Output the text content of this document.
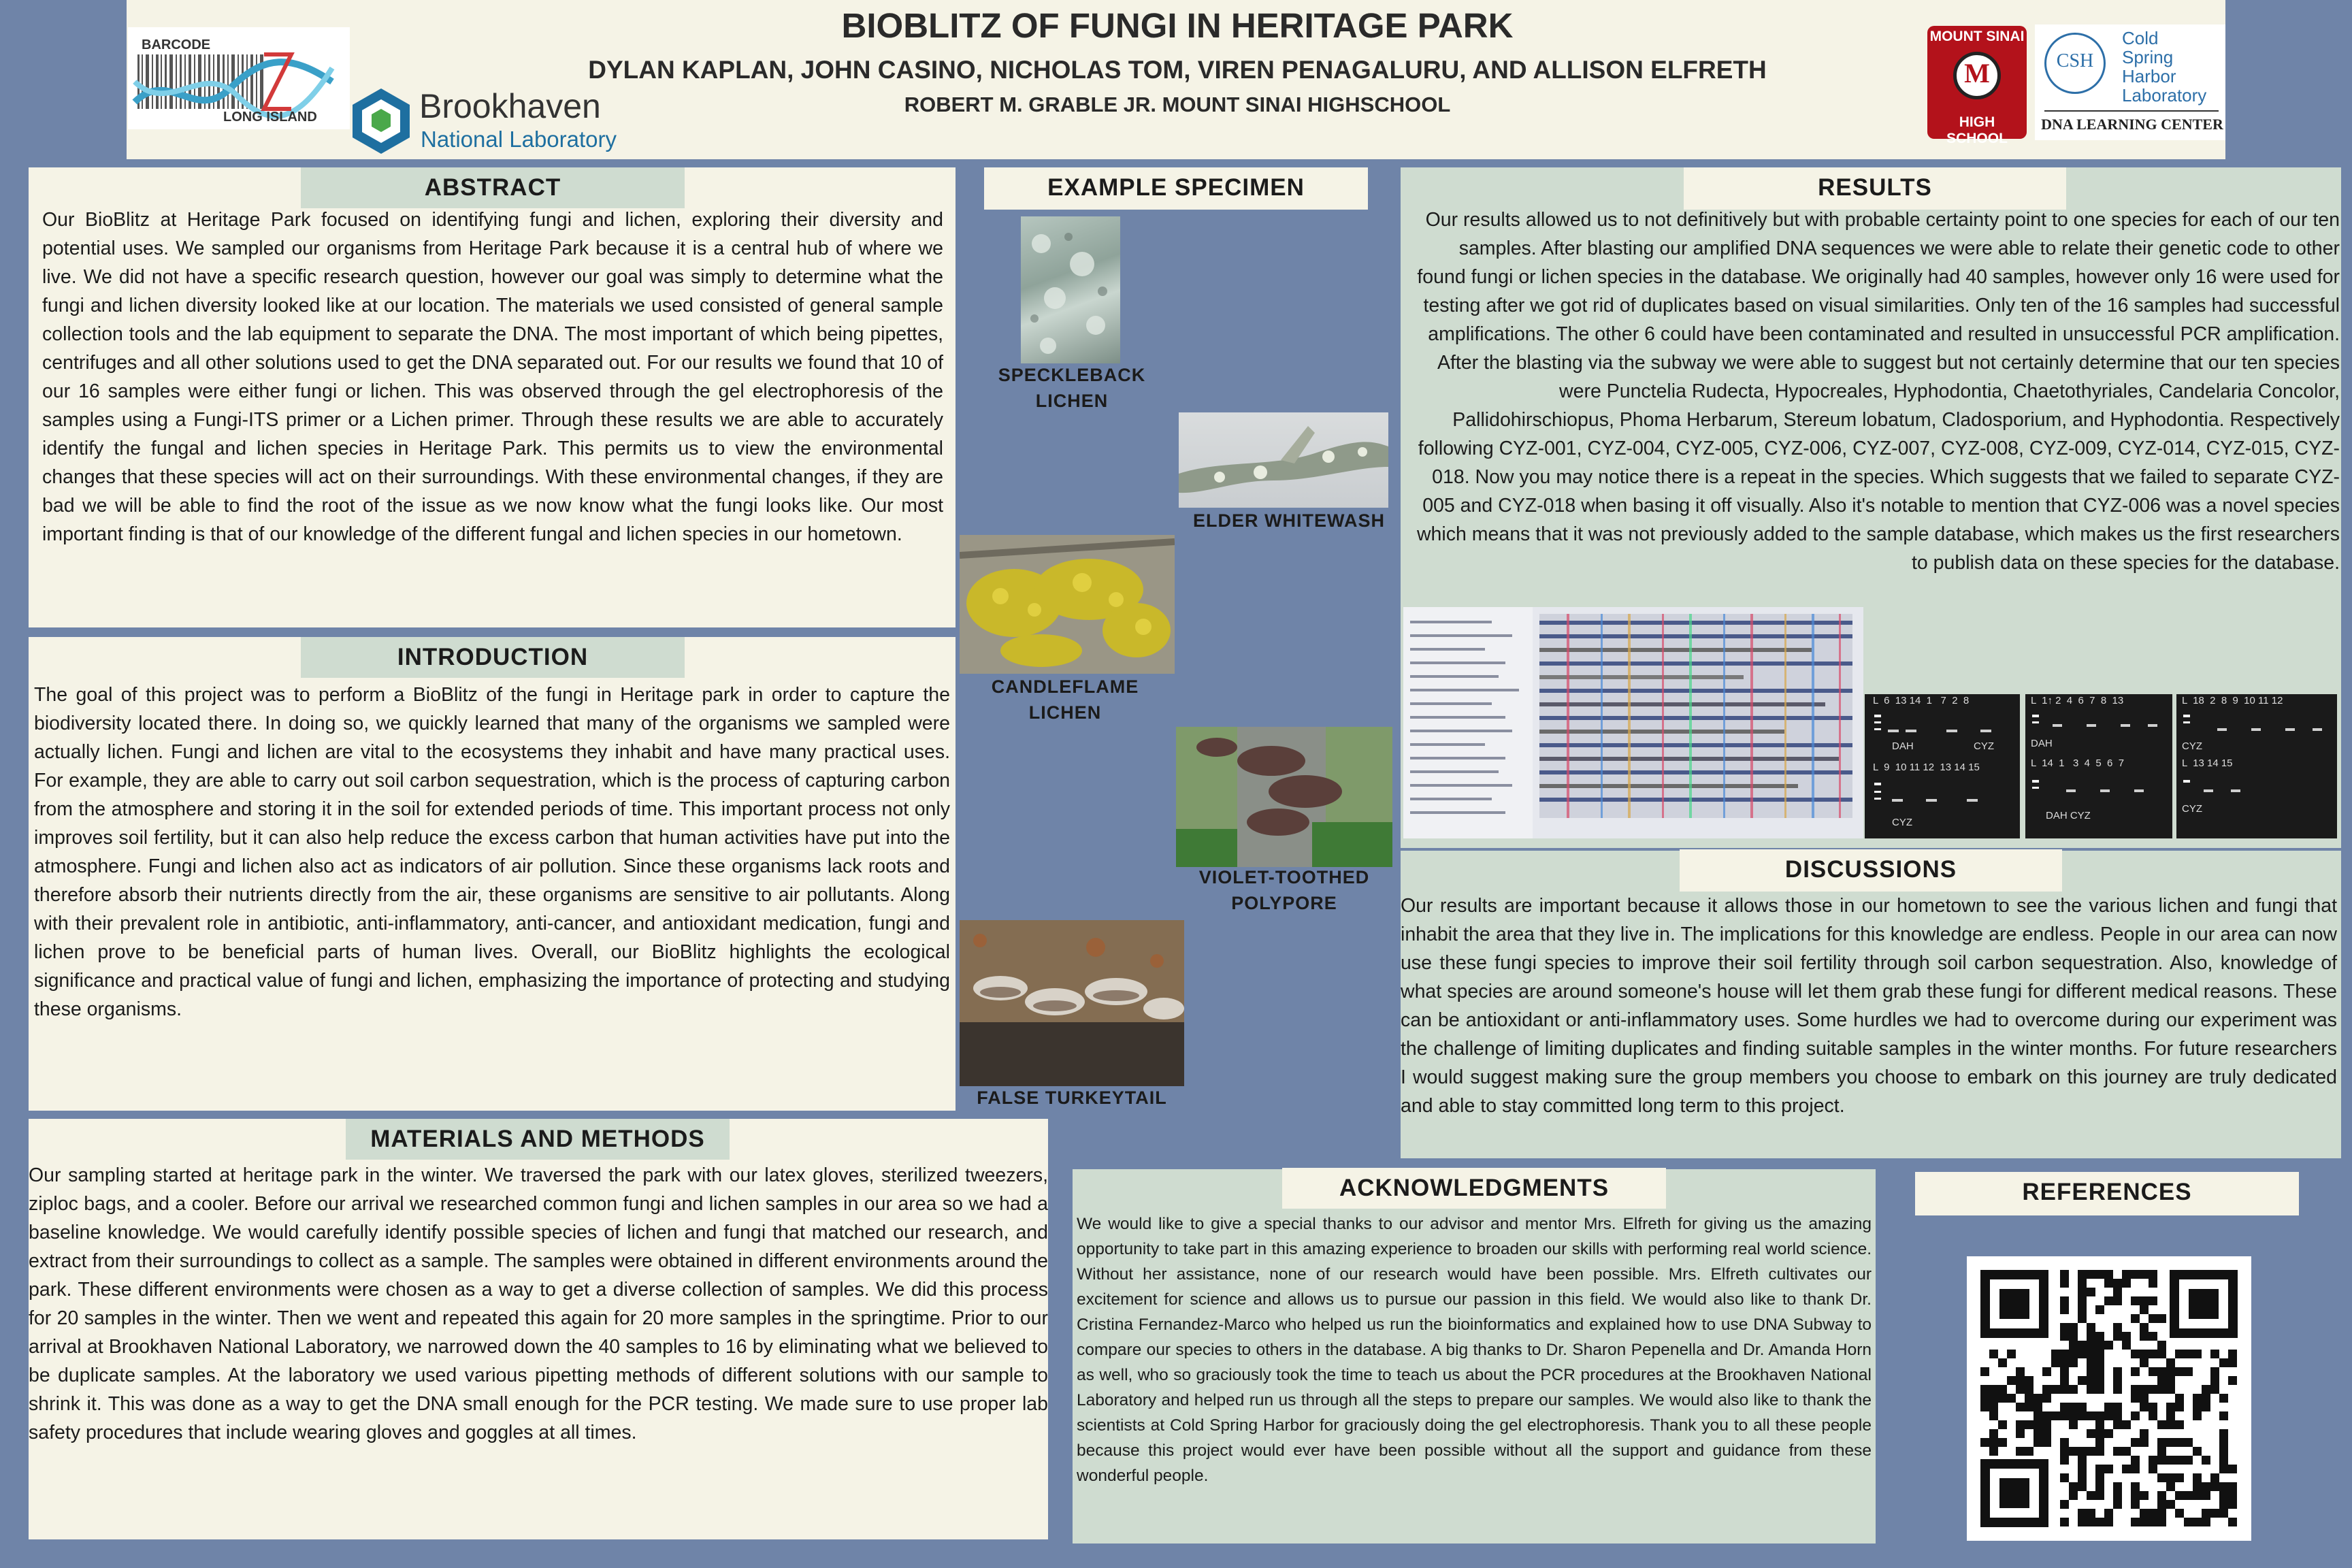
BIOBLITZ OF FUNGI IN HERITAGE PARK
DYLAN KAPLAN, JOHN CASINO, NICHOLAS TOM, VIREN PENAGALURU, AND ALLISON ELFRETH
ROBERT M. GRABLE JR. MOUNT SINAI HIGHSCHOOL
BARCODE
LONG ISLAND	Brookhaven
National Laboratory
MOUNT SINAI
M
HIGH SCHOOL
CSH
Cold
Spring
Harbor
Laboratory
DNA LEARNING CENTER
ABSTRACT
Our BioBlitz at Heritage Park focused on identifying fungi and lichen, exploring their diversity and potential uses. We sampled our organisms from Heritage Park because it is a central hub of where we live. We did not have a specific research question, however our goal was simply to determine what the fungi and lichen diversity looked like at our location. The materials we used consisted of general sample collection tools and the lab equipment to separate the DNA. The most important of which being pipettes, centrifuges and all other solutions used to get the DNA separated out. For our results we found that 10 of our 16 samples were either fungi or lichen. This was observed through the gel electrophoresis of the samples using a Fungi-ITS primer or a Lichen primer. Through these results we are able to accurately identify the fungal and lichen species in Heritage Park. This permits us to view the environmental changes that these species will act on their surroundings. With these environmental changes, if they are bad we will be able to find the root of the issue as we now know what the fungi looks like. Our most important finding is that of our knowledge of the different fungal and lichen species in our hometown.
INTRODUCTION
The goal of this project was to perform a BioBlitz of the fungi in Heritage park in order to capture the biodiversity located there. In doing so, we quickly learned that many of the organisms we sampled were actually lichen. Fungi and lichen are vital to the ecosystems they inhabit and have many practical uses. For example, they are able to carry out soil carbon sequestration, which is the process of capturing carbon from the atmosphere and storing it in the soil for extended periods of time. This important process not only improves soil fertility, but it can also help reduce the excess carbon that human activities have put into the atmosphere. Fungi and lichen also act as indicators of air pollution. Since these organisms lack roots and therefore absorb their nutrients directly from the air, these organisms are sensitive to air pollutants. Along with their prevalent role in antibiotic, anti-inflammatory, anti-cancer, and antioxidant medication, fungi and lichen prove to be beneficial parts of human lives. Overall, our BioBlitz highlights the ecological significance and practical value of fungi and lichen, emphasizing the importance of protecting and studying these organisms.
MATERIALS AND METHODS
Our sampling started at heritage park in the winter. We traversed the park with our latex gloves, sterilized tweezers, ziploc bags, and a cooler. Before our arrival we researched common fungi and lichen samples in our area so we had a baseline knowledge. We would carefully identify possible species of lichen and fungi that matched our research, and extract from their surroundings to collect as a sample. The samples were obtained in different environments around the park. These different environments were chosen as a way to get a diverse collection of samples. We did this process for 20 samples in the winter. Then we went and repeated this again for 20 more samples in the springtime. Prior to our arrival at Brookhaven National Laboratory, we narrowed down the 40 samples to 16 by eliminating what we believed to be duplicate samples. At the laboratory we used various pipetting methods of different solutions with our sample to shrink it. This was done as a way to get the DNA small enough for the PCR testing. We made sure to use proper lab safety procedures that include wearing gloves and goggles at all times.
EXAMPLE SPECIMEN
SPECKLEBACK
LICHEN
ELDER WHITEWASH
CANDLEFLAME
LICHEN
VIOLET-TOOTHED
POLYPORE
FALSE TURKEYTAIL
RESULTS
Our results allowed us to not definitively but with probable certainty point to one species for each of our ten samples. After blasting our amplified DNA sequences we were able to relate their genetic code to other found fungi or lichen species in the database. We originally had 40 samples, however only 16 were used for testing after we got rid of duplicates based on visual similarities. Only ten of the 16 samples had successful amplifications. The other 6 could have been contaminated and resulted in unsuccessful PCR amplification. After the blasting via the subway we were able to suggest but not certainly determine that our ten species were Punctelia Rudecta, Hypocreales, Hyphodontia, Chaetothyriales, Candelaria Concolor, Pallidohirschiopus, Phoma Herbarum, Stereum lobatum, Cladosporium, and Hyphodontia. Respectively following CYZ-001, CYZ-004, CYZ-005, CYZ-006, CYZ-007, CYZ-008, CYZ-009, CYZ-014, CYZ-015, CYZ-018. Now you may notice there is a repeat in the species. Which suggests that we failed to separate CYZ-005 and CYZ-018 when basing it off visually. Also it's notable to mention that CYZ-006 was a novel species which means that it was not previously added to the sample database, which makes us the first researchers to publish data on these species for the database.
L  6  13 14  1   7  2  8
DAH	CYZ
L  9  10 11 12  13 14 15
CYZ
L  1↑ 2  4  6  7  8  13
DAH
L  14  1   3  4  5  6  7
DAH CYZ
L  18  2  8  9  10 11 12
CYZ
L  13 14 15
CYZ
DISCUSSIONS
Our results are important because it allows those in our hometown to see the various lichen and fungi that inhabit the area that they live in. The implications for this knowledge are endless. People in our area can now use these fungi species to improve their soil fertility through soil carbon sequestration. Also, knowledge of what species are around someone's house will let them grab these fungi for different medical reasons. These can be antioxidant or anti-inflammatory uses. Some hurdles we had to overcome during our experiment was the challenge of limiting duplicates and finding suitable samples in the winter months. For future researchers I would suggest making sure the group members you choose to embark on this journey are truly dedicated and able to stay committed long term to this project.
ACKNOWLEDGMENTS
We would like to give a special thanks to our advisor and mentor Mrs. Elfreth for giving us the amazing opportunity to take part in this amazing experience to broaden our skills with performing real world science. Without her assistance, none of our research would have been possible. Mrs. Elfreth cultivates our excitement for science and allows us to pursue our passion in this field. We would also like to thank Dr. Cristina Fernandez-Marco who helped us run the bioinformatics and explained how to use DNA Subway to compare our species to others in the database. A big thanks to Dr. Sharon Pepenella and Dr. Amanda Horn as well, who so graciously took the time to teach us about the PCR procedures at the Brookhaven National Laboratory and helped run us through all the steps to prepare our samples. We would also like to thank the scientists at Cold Spring Harbor for graciously doing the gel electrophoresis. Thank you to all these people because this project would ever have been possible without all the support and guidance from these wonderful people.
REFERENCES
